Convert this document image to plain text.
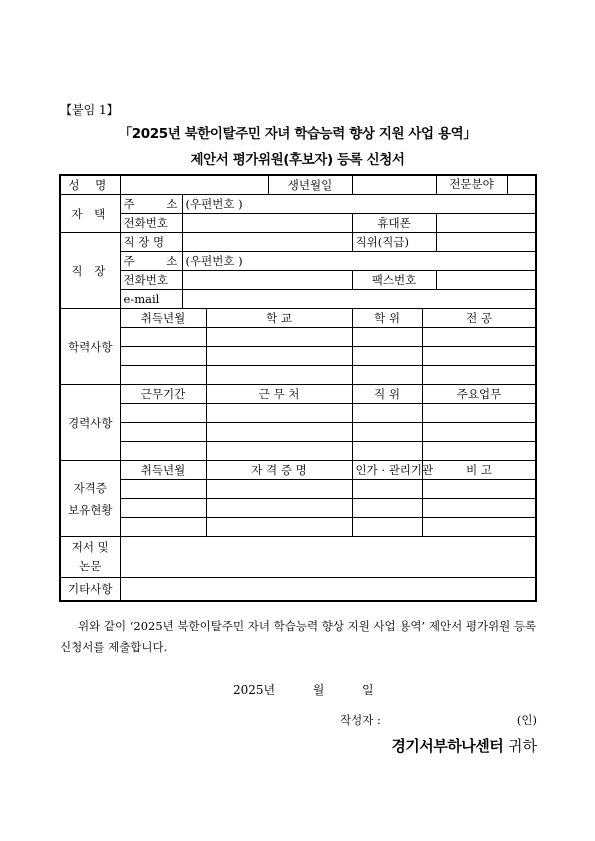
【붙임 1】
「2025년 북한이탈주민 자녀 학습능력 향상 지원 사업 용역」
제안서 평가위원(후보자) 등록 신청서
성 명				생년월일			전문분야

자 택	주 소	(우편번호 )					
	전화번호				휴대폰		
직 장	직 장 명				직위(직급)		
	주 소	(우편번호 )					
	전화번호				팩스번호		
	e-mail						
학력사항	취득년월		학 교		학 위	전 공	

경력사항	근무기간		근 무 처		직 위	주요업무	

자격증
보유현황	취득년월		자 격 증 명		인가 · 관리기관	비 고	

저서 및
논문							
기타사항							
위와 같이 ‘2025년 북한이탈주민 자녀 학습능력 향상 지원 사업 용역’ 제안서 평가위원 등록 신청서를 제출합니다.
2025년	월	일
작성자 :	(인)
경기서부하나센터 귀하
